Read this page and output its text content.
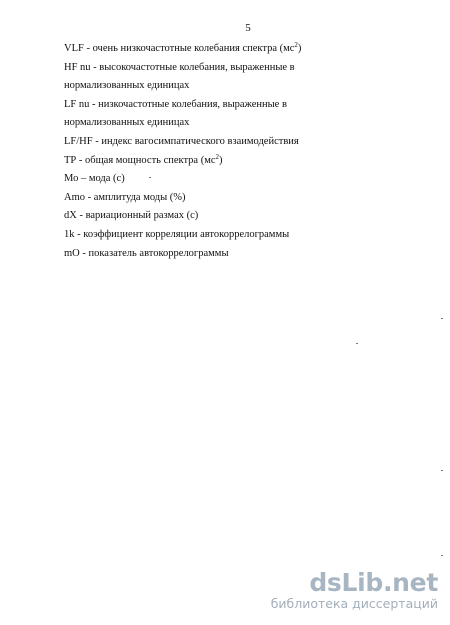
5
VLF - очень низкочастотные колебания спектра $(мс^2)$
HF nu - высокочастотные колебания, выраженные в
нормализованных единицах
LF nu - низкочастотные колебания, выраженные в
нормализованных единицах
LF/HF - индекс вагосимпатического взаимодействия
ТР - общая мощность спектра $(мс^2)$
Мо – мода (с)
Amo - амплитуда моды (%)
dX - вариационный размах (с)
1k - коэффициент корреляции автокоррелограммы
mO - показатель автокоррелограммы
dsLib.net
библиотека диссертаций
